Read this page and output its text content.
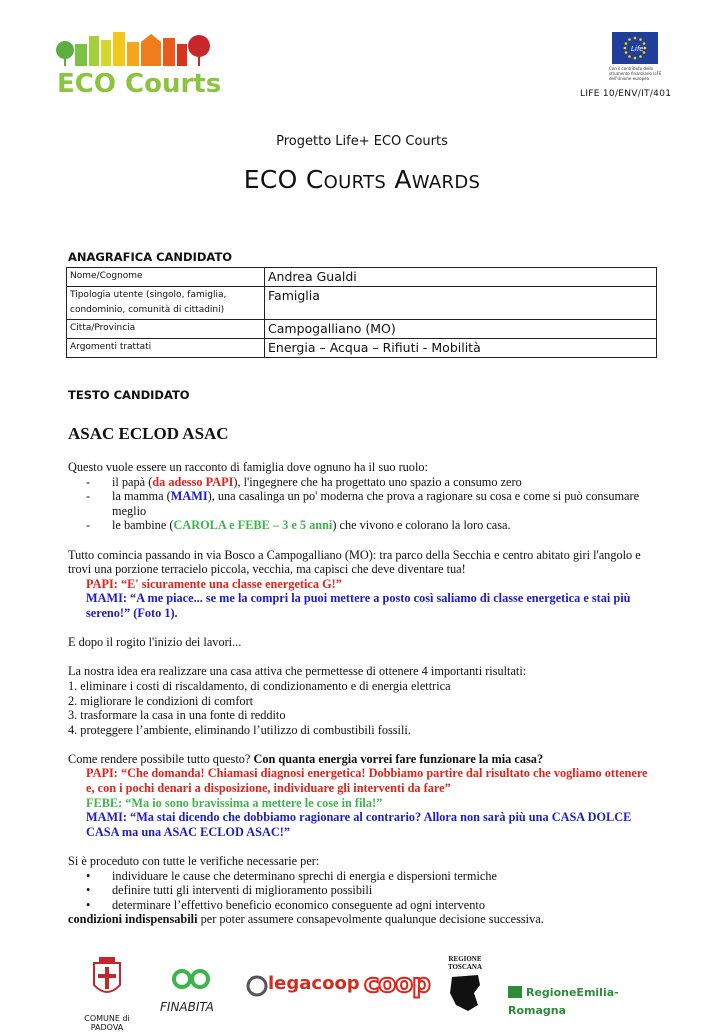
ECO Courts
Life
Con il contributo dello strumento finanziario LIFE dell'Unione europea
LIFE 10/ENV/IT/401
Progetto Life+ ECO Courts
ECO COURTS AWARDS
ANAGRAFICA CANDIDATO
Nome/Cognome	Andrea Gualdi
Tipologia utente (singolo, famiglia, condominio, comunità di cittadini)	Famiglia
Citta/Provincia	Campogalliano (MO)
Argomenti trattati	Energia – Acqua – Rifiuti - Mobilità
TESTO CANDIDATO
ASAC ECLOD ASAC

Questo vuole essere un racconto di famiglia dove ognuno ha il suo ruolo:

-	il papà (da adesso PAPI), l'ingegnere che ha progettato uno spazio a consumo zero
-	la mamma (MAMI), una casalinga un po' moderna che prova a ragionare su cosa e come si può consumare meglio
-	le bambine (CAROLA e FEBE – 3 e 5 anni) che vivono e colorano la loro casa.

Tutto comincia passando in via Bosco a Campogalliano (MO): tra parco della Secchia e centro abitato giri l'angolo e trovi una porzione terracielo piccola, vecchia, ma capisci che deve diventare tua!

PAPI: “E' sicuramente una classe energetica G!”

MAMI: “A me piace... se me la compri la puoi mettere a posto così saliamo di classe energetica e stai più sereno!” (Foto 1).

E dopo il rogito l'inizio dei lavori...

La nostra idea era realizzare una casa attiva che permettesse di ottenere 4 importanti risultati:

1. eliminare i costi di riscaldamento, di condizionamento e di energia elettrica

2. migliorare le condizioni di comfort

3. trasformare la casa in una fonte di reddito

4. proteggere l’ambiente, eliminando l’utilizzo di combustibili fossili.

Come rendere possibile tutto questo? Con quanta energia vorrei fare funzionare la mia casa?

PAPI: “Che domanda! Chiamasi diagnosi energetica! Dobbiamo partire dal risultato che vogliamo ottenere e, con i pochi denari a disposizione, individuare gli interventi da fare”

FEBE: “Ma io sono bravissima a mettere le cose in fila!”

MAMI: “Ma stai dicendo che dobbiamo ragionare al contrario? Allora non sarà più una CASA DOLCE CASA ma una ASAC ECLOD ASAC!”

Si è proceduto con tutte le verifiche necessarie per:

•	individuare le cause che determinano sprechi di energia e dispersioni termiche
•	definire tutti gli interventi di miglioramento possibili
•	determinare l’effettivo beneficio economico conseguente ad ogni intervento

condizioni indispensabili per poter assumere consapevolmente qualunque decisione successiva.

COMUNE di PADOVA
FINABITA
legacoop coop
REGIONE TOSCANA
RegioneEmilia-Romagna
